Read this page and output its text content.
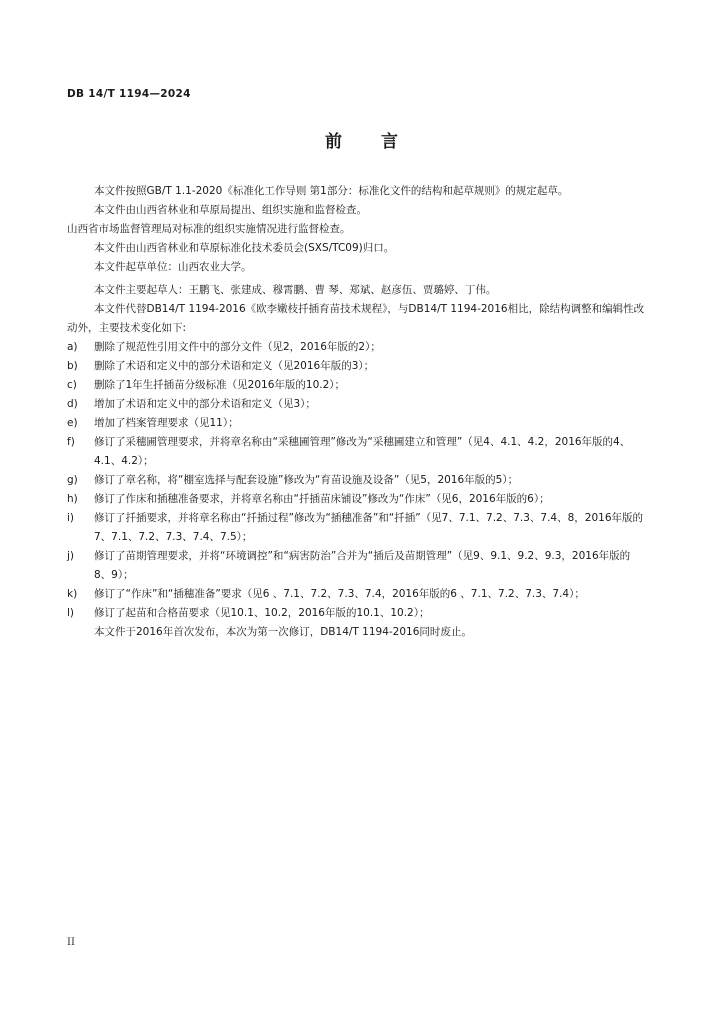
DB 14/T 1194—2024
前 言

本文件按照GB/T 1.1-2020《标准化工作导则 第1部分：标准化文件的结构和起草规则》的规定起草。

本文件由山西省林业和草原局提出、组织实施和监督检查。

山西省市场监督管理局对标准的组织实施情况进行监督检查。

本文件由山西省林业和草原标准化技术委员会(SXS/TC09)归口。

本文件起草单位：山西农业大学。

本文件主要起草人：王鹏飞、张建成、穆霄鹏、曹 琴、郑斌、赵彦伍、贾璐婷、丁伟。

本文件代替DB14/T 1194-2016《欧李嫩枝扦插育苗技术规程》，与DB14/T 1194-2016相比，除结构调整和编辑性改动外，主要技术变化如下:

a)	删除了规范性引用文件中的部分文件（见2，2016年版的2）；
b)	删除了术语和定义中的部分术语和定义（见2016年版的3）；
c)	删除了1年生扦插苗分级标准（见2016年版的10.2）；
d)	增加了术语和定义中的部分术语和定义（见3）；
e)	增加了档案管理要求（见11）；
f)	修订了采穗圃管理要求，并将章名称由“采穗圃管理”修改为“采穗圃建立和管理”（见4、4.1、4.2，2016年版的4、4.1、4.2）；
g)	修订了章名称，将“棚室选择与配套设施”修改为“育苗设施及设备”（见5，2016年版的5）；
h)	修订了作床和插穗准备要求，并将章名称由“扦插苗床铺设”修改为“作床”（见6，2016年版的6）；
i)	修订了扦插要求，并将章名称由“扦插过程”修改为“插穗准备”和“扦插”（见7、7.1、7.2、7.3、7.4、8，2016年版的7、7.1、7.2、7.3、7.4、7.5）；
j)	修订了苗期管理要求，并将“环境调控”和“病害防治”合并为“插后及苗期管理”（见9、9.1、9.2、9.3，2016年版的8、9）；
k)	修订了“作床”和“插穗准备”要求（见6 、7.1、7.2、7.3、7.4，2016年版的6 、7.1、7.2、7.3、7.4）；
l)	修订了起苗和合格苗要求（见10.1、10.2，2016年版的10.1、10.2）；

本文件于2016年首次发布，本次为第一次修订，DB14/T 1194-2016同时废止。

II
